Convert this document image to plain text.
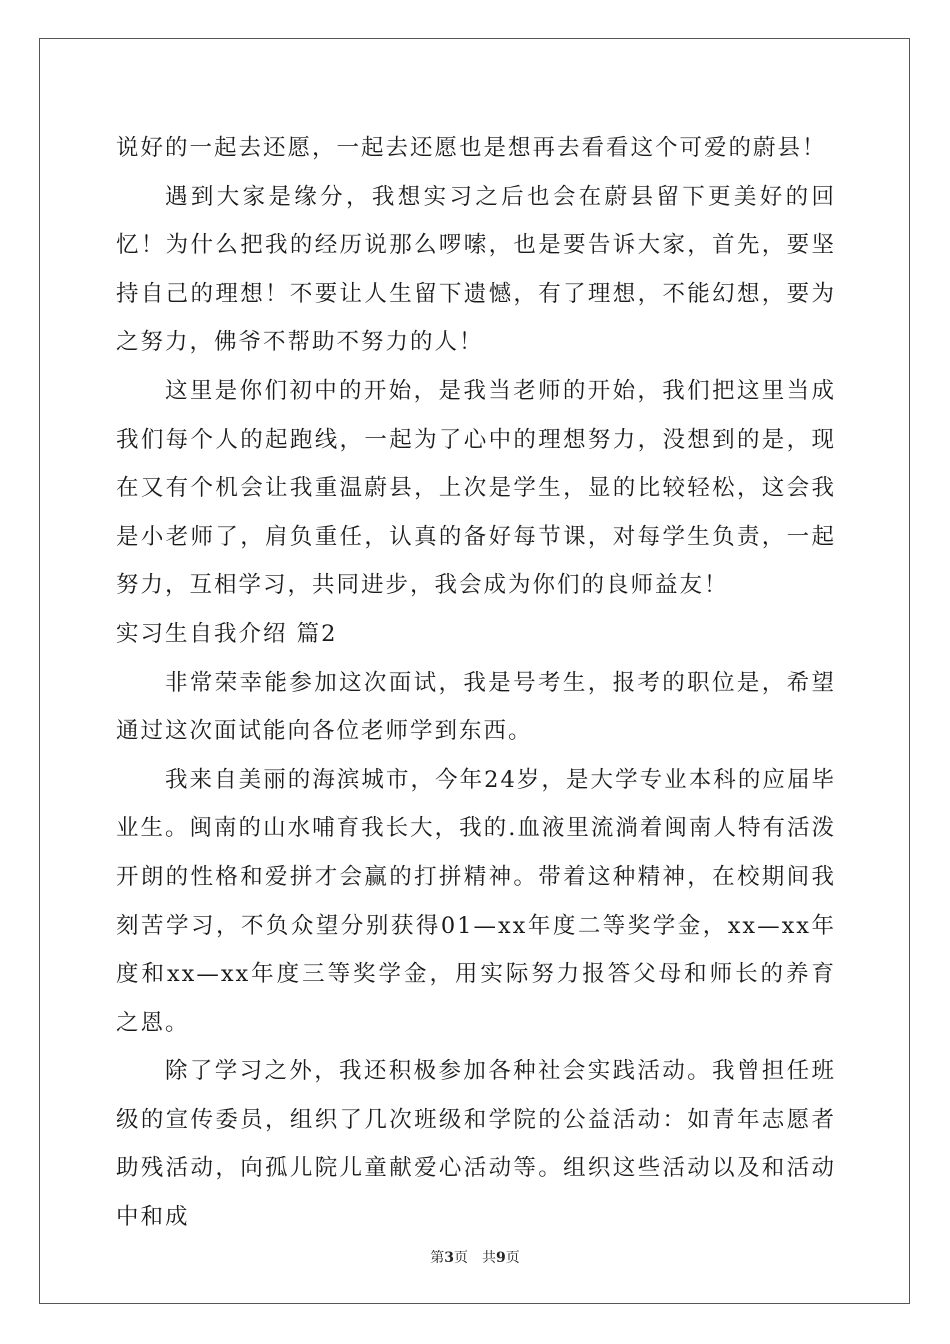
说好的一起去还愿，一起去还愿也是想再去看看这个可爱的蔚县！

遇到大家是缘分，我想实习之后也会在蔚县留下更美好的回忆！为什么把我的经历说那么啰嗦，也是要告诉大家，首先，要坚持自己的理想！不要让人生留下遗憾，有了理想，不能幻想，要为之努力，佛爷不帮助不努力的人！

这里是你们初中的开始，是我当老师的开始，我们把这里当成我们每个人的起跑线，一起为了心中的理想努力，没想到的是，现在又有个机会让我重温蔚县，上次是学生，显的比较轻松，这会我是小老师了，肩负重任，认真的备好每节课，对每学生负责，一起努力，互相学习，共同进步，我会成为你们的良师益友！

实习生自我介绍 篇2

非常荣幸能参加这次面试，我是号考生，报考的职位是，希望通过这次面试能向各位老师学到东西。

我来自美丽的海滨城市，今年24岁，是大学专业本科的应届毕业生。闽南的山水哺育我长大，我的.血液里流淌着闽南人特有活泼开朗的性格和爱拼才会赢的打拼精神。带着这种精神，在校期间我刻苦学习，不负众望分别获得01—xx年度二等奖学金，xx—xx年度和xx—xx年度三等奖学金，用实际努力报答父母和师长的养育之恩。

除了学习之外，我还积极参加各种社会实践活动。我曾担任班级的宣传委员，组织了几次班级和学院的公益活动：如青年志愿者助残活动，向孤儿院儿童献爱心活动等。组织这些活动以及和活动中和成

第3页 共9页
